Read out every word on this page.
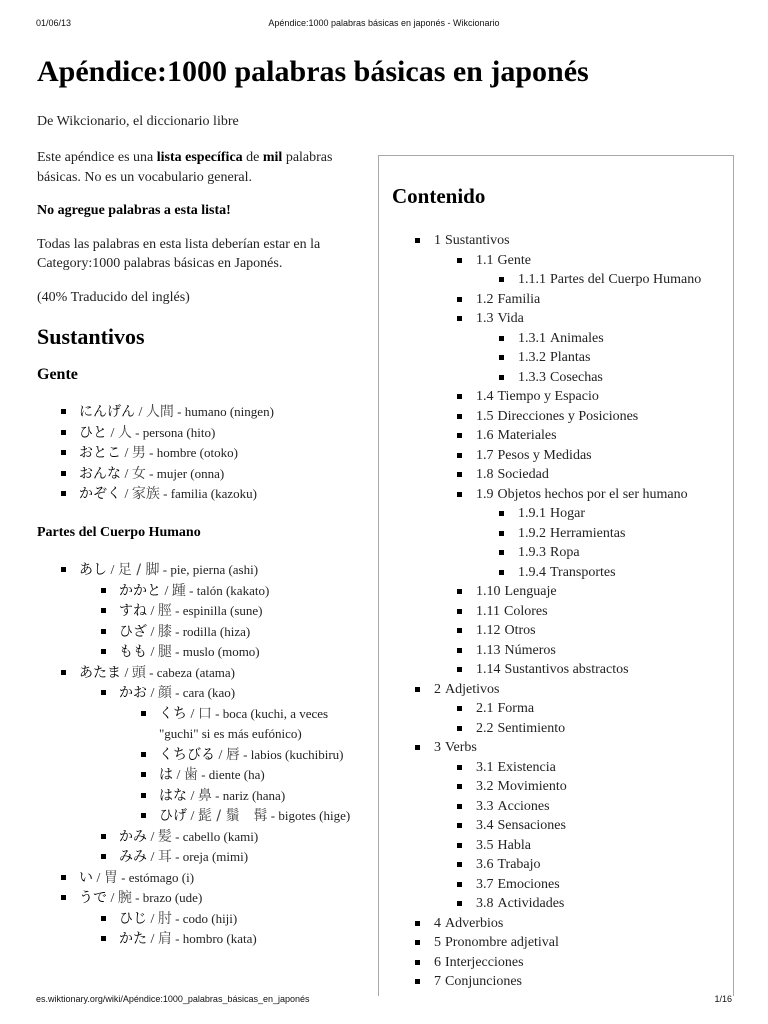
01/06/13	Apéndice:1000 palabras básicas en japonés - Wikcionario
Apéndice:1000 palabras básicas en japonés
De Wikcionario, el diccionario libre

Este apéndice es una lista específica de mil palabras básicas. No es un vocabulario general.

No agregue palabras a esta lista!

Todas las palabras en esta lista deberían estar en la Category:1000 palabras básicas en Japonés.

(40% Traducido del inglés)

Sustantivos
Gente
にんげん / 人間 - humano (ningen)
ひと / 人 - persona (hito)
おとこ / 男 - hombre (otoko)
おんな / 女 - mujer (onna)
かぞく / 家族 - familia (kazoku)
Partes del Cuerpo Humano
あし / 足 / 脚 - pie, pierna (ashi)
かかと / 踵 - talón (kakato)
すね / 脛 - espinilla (sune)
ひざ / 膝 - rodilla (hiza)
もも / 腿 - muslo (momo)
あたま / 頭 - cabeza (atama)
かお / 顔 - cara (kao)
くち / 口 - boca (kuchi, a veces "guchi" si es más eufónico)
くちびる / 唇 - labios (kuchibiru)
は / 歯 - diente (ha)
はな / 鼻 - nariz (hana)
ひげ / 髭 / 鬚　髯 - bigotes (hige)
かみ / 髪 - cabello (kami)
みみ / 耳 - oreja (mimi)
い / 胃 - estómago (i)
うで / 腕 - brazo (ude)
ひじ / 肘 - codo (hiji)
かた / 肩 - hombro (kata)
Contenido
1 Sustantivos
1.1 Gente
1.1.1 Partes del Cuerpo Humano
1.2 Familia
1.3 Vida
1.3.1 Animales
1.3.2 Plantas
1.3.3 Cosechas
1.4 Tiempo y Espacio
1.5 Direcciones y Posiciones
1.6 Materiales
1.7 Pesos y Medidas
1.8 Sociedad
1.9 Objetos hechos por el ser humano
1.9.1 Hogar
1.9.2 Herramientas
1.9.3 Ropa
1.9.4 Transportes
1.10 Lenguaje
1.11 Colores
1.12 Otros
1.13 Números
1.14 Sustantivos abstractos
2 Adjetivos
2.1 Forma
2.2 Sentimiento
3 Verbs
3.1 Existencia
3.2 Movimiento
3.3 Acciones
3.4 Sensaciones
3.5 Habla
3.6 Trabajo
3.7 Emociones
3.8 Actividades
4 Adverbios
5 Pronombre adjetival
6 Interjecciones
7 Conjunciones
es.wiktionary.org/wiki/Apéndice:1000_palabras_básicas_en_japonés	1/16
